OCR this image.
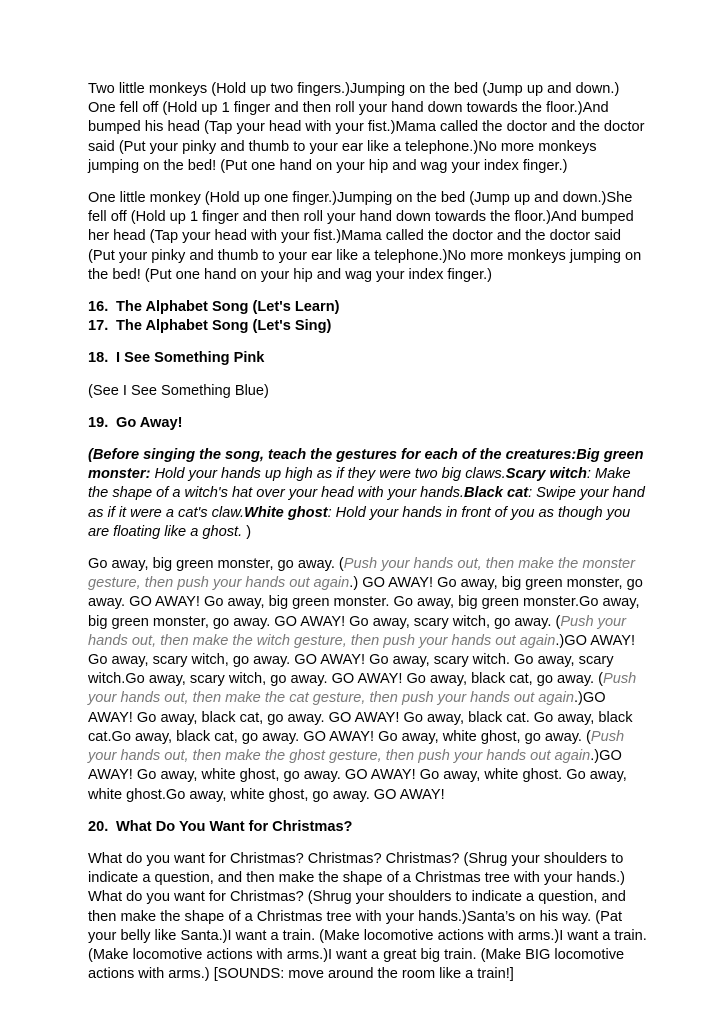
Two little monkeys (Hold up two fingers.)Jumping on the bed (Jump up and down.) One fell off (Hold up 1 finger and then roll your hand down towards the floor.)And bumped his head (Tap your head with your fist.)Mama called the doctor and the doctor said (Put your pinky and thumb to your ear like a telephone.)No more monkeys jumping on the bed! (Put one hand on your hip and wag your index finger.)

One little monkey (Hold up one finger.)Jumping on the bed (Jump up and down.)She fell off (Hold up 1 finger and then roll your hand down towards the floor.)And bumped her head (Tap your head with your fist.)Mama called the doctor and the doctor said (Put your pinky and thumb to your ear like a telephone.)No more monkeys jumping on the bed! (Put one hand on your hip and wag your index finger.)

16. The Alphabet Song (Let's Learn)
17. The Alphabet Song (Let's Sing)
18. I See Something Pink

(See I See Something Blue)

19. Go Away!

(Before singing the song, teach the gestures for each of the creatures:Big green monster: Hold your hands up high as if they were two big claws.Scary witch: Make the shape of a witch's hat over your head with your hands.Black cat: Swipe your hand as if it were a cat's claw.White ghost: Hold your hands in front of you as though you are floating like a ghost. )

Go away, big green monster, go away. (Push your hands out, then make the monster gesture, then push your hands out again.) GO AWAY! Go away, big green monster, go away. GO AWAY! Go away, big green monster. Go away, big green monster.Go away, big green monster, go away. GO AWAY! Go away, scary witch, go away. (Push your hands out, then make the witch gesture, then push your hands out again.)GO AWAY! Go away, scary witch, go away. GO AWAY! Go away, scary witch. Go away, scary witch.Go away, scary witch, go away. GO AWAY! Go away, black cat, go away. (Push your hands out, then make the cat gesture, then push your hands out again.)GO AWAY! Go away, black cat, go away. GO AWAY! Go away, black cat. Go away, black cat.Go away, black cat, go away. GO AWAY! Go away, white ghost, go away. (Push your hands out, then make the ghost gesture, then push your hands out again.)GO AWAY! Go away, white ghost, go away. GO AWAY! Go away, white ghost. Go away, white ghost.Go away, white ghost, go away. GO AWAY!

20. What Do You Want for Christmas?

What do you want for Christmas? Christmas? Christmas? (Shrug your shoulders to indicate a question, and then make the shape of a Christmas tree with your hands.) What do you want for Christmas? (Shrug your shoulders to indicate a question, and then make the shape of a Christmas tree with your hands.)Santa’s on his way. (Pat your belly like Santa.)I want a train. (Make locomotive actions with arms.)I want a train. (Make locomotive actions with arms.)I want a great big train. (Make BIG locomotive actions with arms.) [SOUNDS: move around the room like a train!]
